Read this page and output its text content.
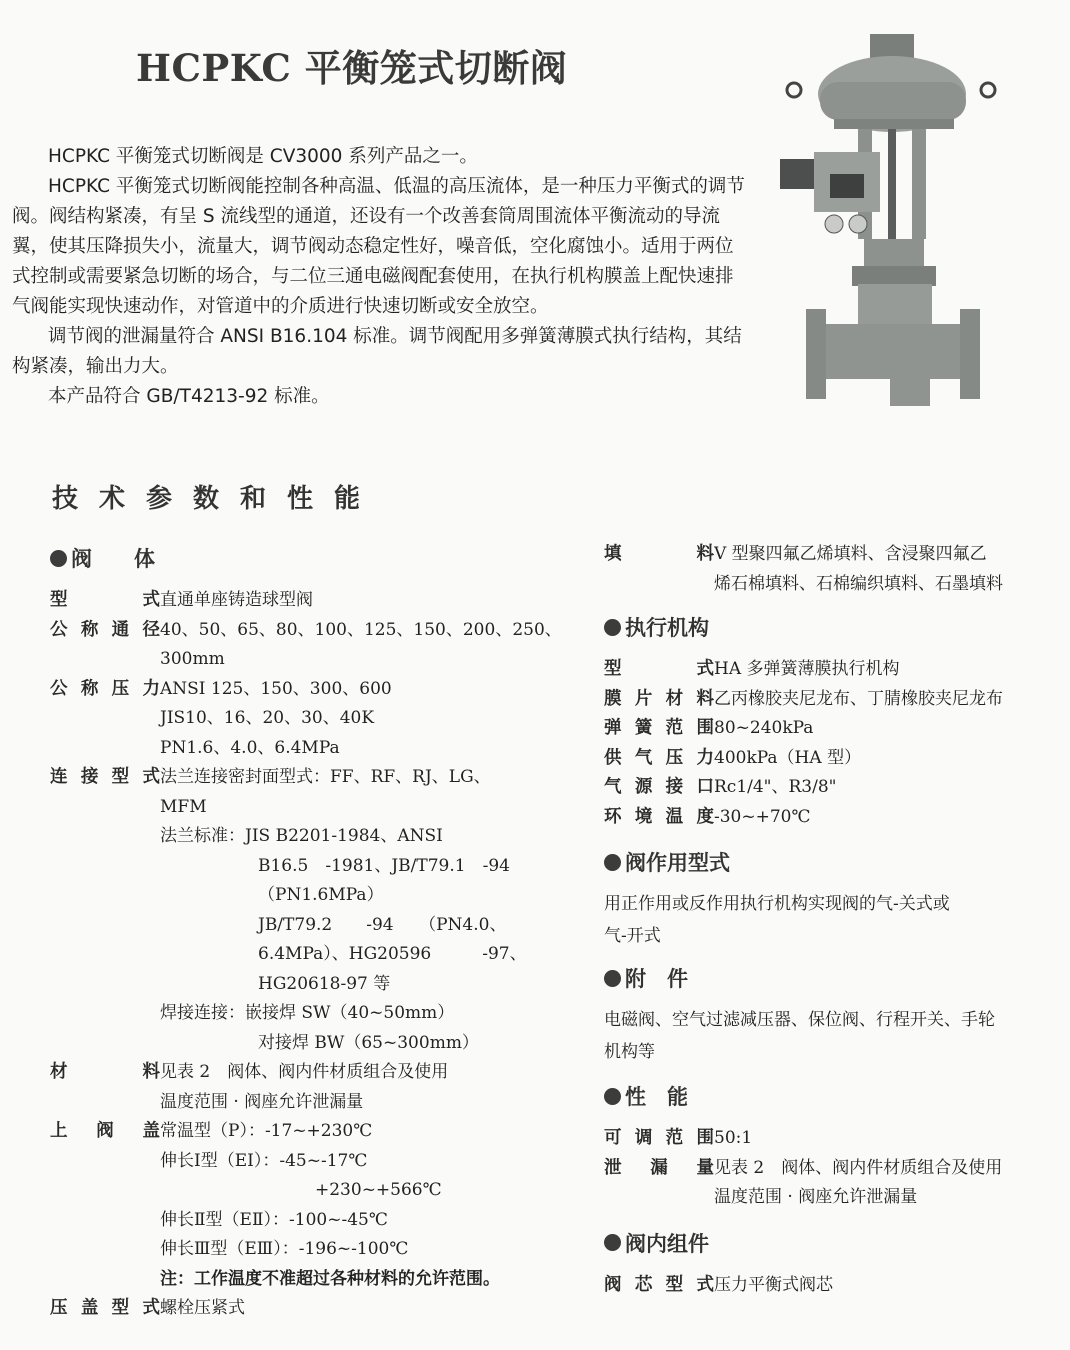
HCPKC 平衡笼式切断阀

HCPKC 平衡笼式切断阀是 CV3000 系列产品之一。

HCPKC 平衡笼式切断阀能控制各种高温、低温的高压流体，是一种压力平衡式的调节阀。阀结构紧凑，有呈 S 流线型的通道，还设有一个改善套筒周围流体平衡流动的导流翼，使其压降损失小，流量大，调节阀动态稳定性好，噪音低，空化腐蚀小。适用于两位式控制或需要紧急切断的场合，与二位三通电磁阀配套使用，在执行机构膜盖上配快速排气阀能实现快速动作，对管道中的介质进行快速切断或安全放空。

调节阀的泄漏量符合 ANSI B16.104 标准。调节阀配用多弹簧薄膜式执行结构，其结构紧凑，输出力大。

本产品符合 GB/T4213-92 标准。

技术参数和性能
阀　　体
型式 直通单座铸造球型阀
公称通径 40、50、65、80、100、125、150、200、250、
300mm
公称压力 ANSI 125、150、300、600
JIS10、16、20、30、40K
PN1.6、4.0、6.4MPa
连接型式 法兰连接密封面型式：FF、RF、RJ、LG、
MFM
法兰标准：JIS B2201-1984、ANSI
B16.5　-1981、JB/T79.1　-94
（PN1.6MPa）
JB/T79.2　　-94　　（PN4.0、
6.4MPa）、HG20596　　　-97、
HG20618-97 等
焊接连接：嵌接焊 SW（40~50mm）
对接焊 BW（65~300mm）
材料 见表 2　阀体、阀内件材质组合及使用
温度范围 · 阀座允许泄漏量
上阀盖 常温型（P）：-17~+230℃
伸长Ⅰ型（EⅠ）：-45~-17℃
+230~+566℃
伸长Ⅱ型（EⅡ）：-100~-45℃
伸长Ⅲ型（EⅢ）：-196~-100℃
注：工作温度不准超过各种材料的允许范围。
压盖型式 螺栓压紧式
填料 V 型聚四氟乙烯填料、含浸聚四氟乙
烯石棉填料、石棉编织填料、石墨填料
执行机构
型式 HA 多弹簧薄膜执行机构
膜片材料 乙丙橡胶夹尼龙布、丁腈橡胶夹尼龙布
弹簧范围 80~240kPa
供气压力 400kPa（HA 型）
气源接口 Rc1/4"、R3/8"
环境温度 -30~+70℃
阀作用型式
用正作用或反作用执行机构实现阀的气-关式或
气-开式
附　件
电磁阀、空气过滤减压器、保位阀、行程开关、手轮
机构等
性　能
可调范围 50:1
泄漏量 见表 2　阀体、阀内件材质组合及使用
温度范围 · 阀座允许泄漏量
阀内组件
阀芯型式 压力平衡式阀芯
